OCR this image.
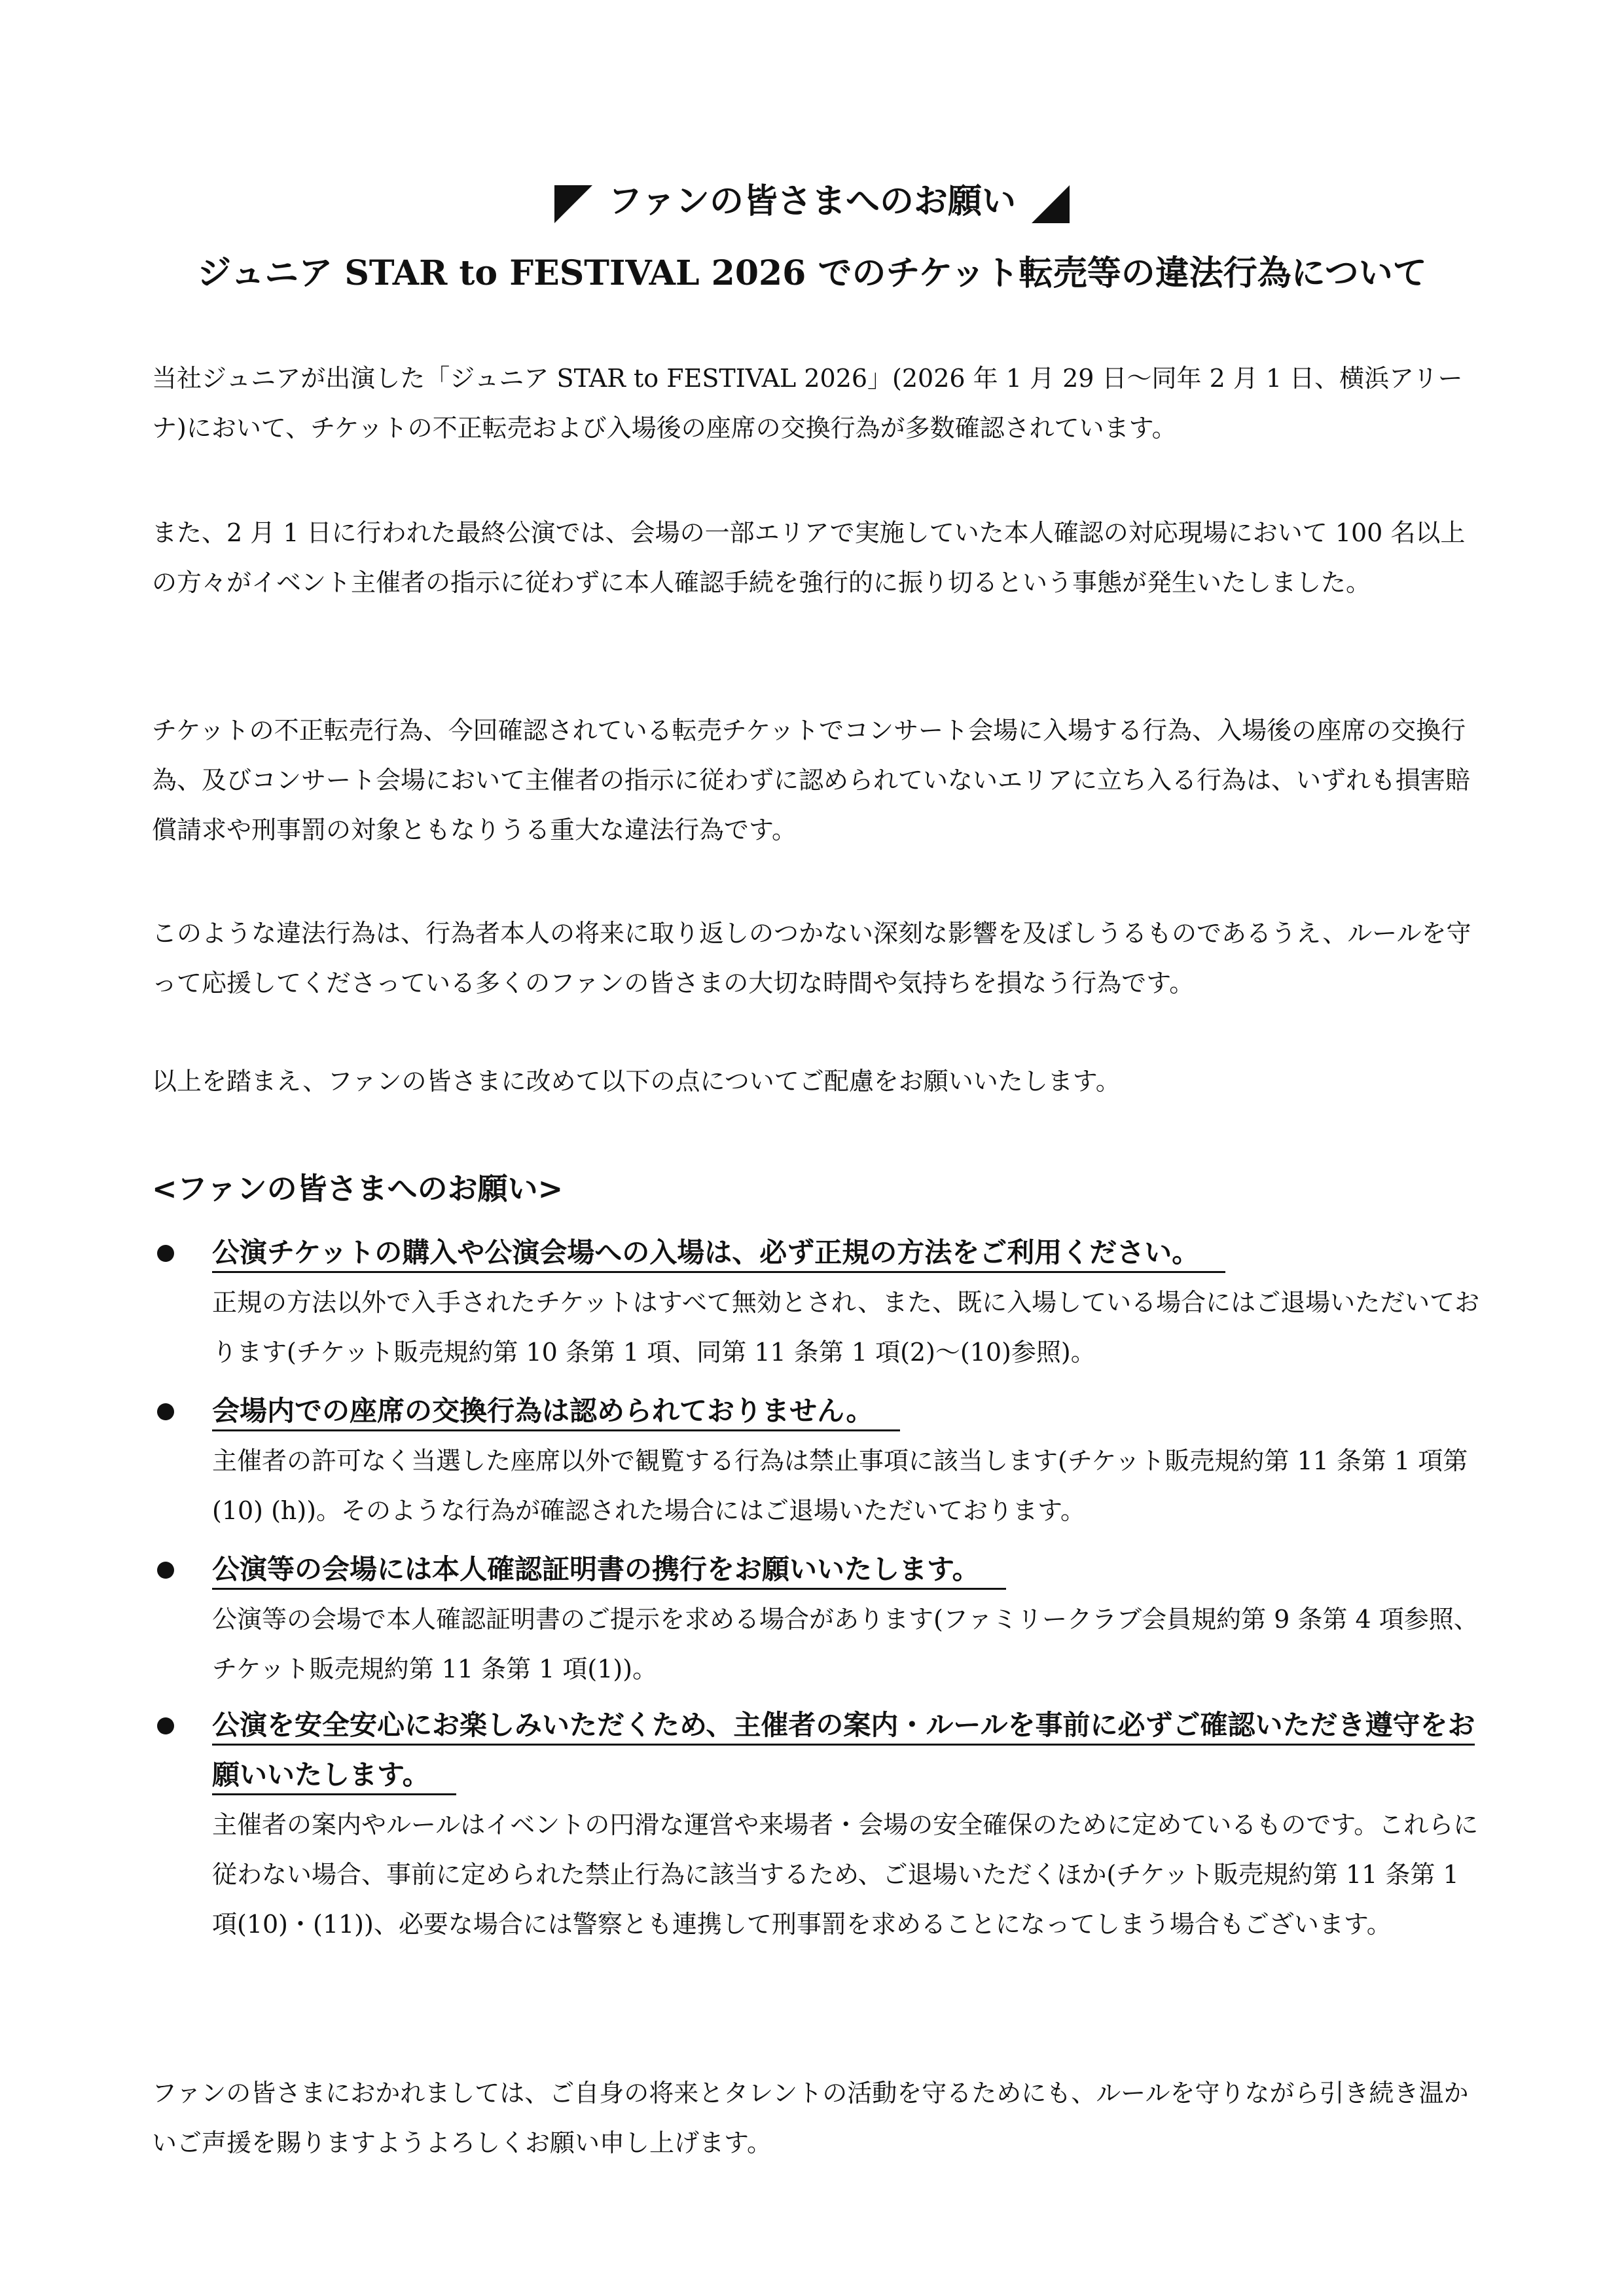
ファンの皆さまへのお願い
ジュニア STAR to FESTIVAL 2026 でのチケット転売等の違法行為について

当社ジュニアが出演した「ジュニア STAR to FESTIVAL 2026」(2026 年 1 月 29 日〜同年 2 月 1 日、横浜アリーナ)において、チケットの不正転売および入場後の座席の交換行為が多数確認されています。

また、2 月 1 日に行われた最終公演では、会場の一部エリアで実施していた本人確認の対応現場において 100 名以上の方々がイベント主催者の指示に従わずに本人確認手続を強行的に振り切るという事態が発生いたしました。

チケットの不正転売行為、今回確認されている転売チケットでコンサート会場に入場する行為、入場後の座席の交換行為、及びコンサート会場において主催者の指示に従わずに認められていないエリアに立ち入る行為は、いずれも損害賠償請求や刑事罰の対象ともなりうる重大な違法行為です。

このような違法行為は、行為者本人の将来に取り返しのつかない深刻な影響を及ぼしうるものであるうえ、ルールを守って応援してくださっている多くのファンの皆さまの大切な時間や気持ちを損なう行為です。

以上を踏まえ、ファンの皆さまに改めて以下の点についてご配慮をお願いいたします。

<ファンの皆さまへのお願い>
公演チケットの購入や公演会場への入場は、必ず正規の方法をご利用ください。
正規の方法以外で入手されたチケットはすべて無効とされ、また、既に入場している場合にはご退場いただいております(チケット販売規約第 10 条第 1 項、同第 11 条第 1 項(2)〜(10)参照)。
会場内での座席の交換行為は認められておりません。
主催者の許可なく当選した座席以外で観覧する行為は禁止事項に該当します(チケット販売規約第 11 条第 1 項第 (10) (h))。そのような行為が確認された場合にはご退場いただいております。
公演等の会場には本人確認証明書の携行をお願いいたします。
公演等の会場で本人確認証明書のご提示を求める場合があります(ファミリークラブ会員規約第 9 条第 4 項参照、チケット販売規約第 11 条第 1 項(1))。
公演を安全安心にお楽しみいただくため、主催者の案内・ルールを事前に必ずご確認いただき遵守をお願いいたします。
主催者の案内やルールはイベントの円滑な運営や来場者・会場の安全確保のために定めているものです。これらに従わない場合、事前に定められた禁止行為に該当するため、ご退場いただくほか(チケット販売規約第 11 条第 1 項(10)・(11))、必要な場合には警察とも連携して刑事罰を求めることになってしまう場合もございます。

ファンの皆さまにおかれましては、ご自身の将来とタレントの活動を守るためにも、ルールを守りながら引き続き温かいご声援を賜りますようよろしくお願い申し上げます。
